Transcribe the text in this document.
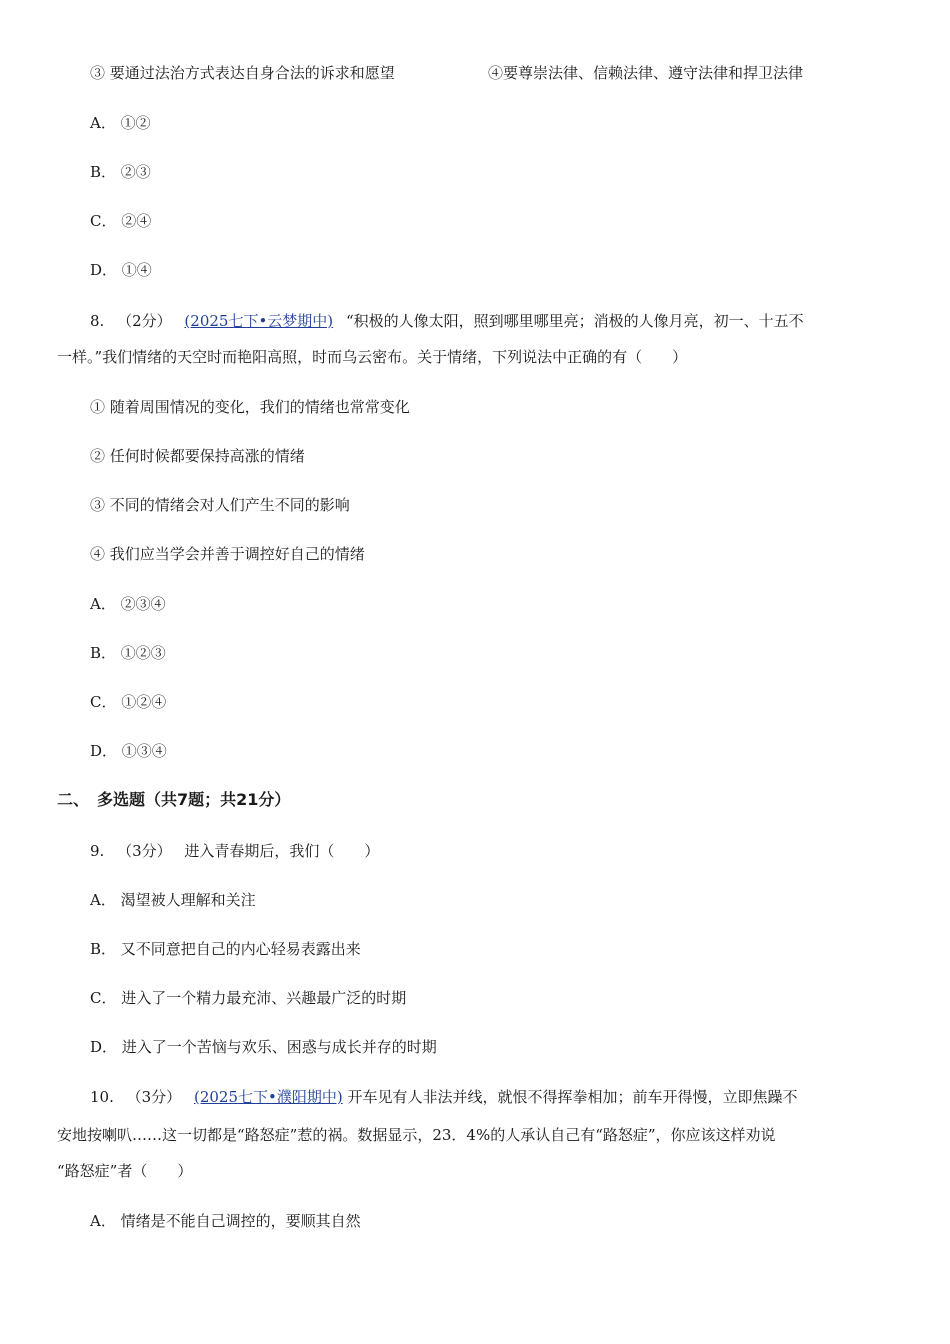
③ 要通过法治方式表达自身合法的诉求和愿望	④要尊崇法律、信赖法律、遵守法律和捍卫法律
A． ①②
B． ②③
C． ②④
D． ①④
8. （2分） (2025七下•云梦期中) “积极的人像太阳，照到哪里哪里亮；消极的人像月亮，初一、十五不
一样。”我们情绪的天空时而艳阳高照，时而乌云密布。关于情绪，下列说法中正确的有（　　）
① 随着周围情况的变化，我们的情绪也常常变化
② 任何时候都要保持高涨的情绪
③ 不同的情绪会对人们产生不同的影响
④ 我们应当学会并善于调控好自己的情绪
A． ②③④
B． ①②③
C． ①②④
D． ①③④
二、　多选题（共7题；共21分）
9. （3分） 进入青春期后，我们（　　）
A． 渴望被人理解和关注
B． 又不同意把自己的内心轻易表露出来
C． 进入了一个精力最充沛、兴趣最广泛的时期
D． 进入了一个苦恼与欢乐、困惑与成长并存的时期
10. （3分） (2025七下•濮阳期中) 开车见有人非法并线，就恨不得挥拳相加；前车开得慢，立即焦躁不
安地按喇叭……这一切都是“路怒症”惹的祸。数据显示，23．4%的人承认自己有“路怒症”，你应该这样劝说
“路怒症”者（　　）
A． 情绪是不能自己调控的，要顺其自然
